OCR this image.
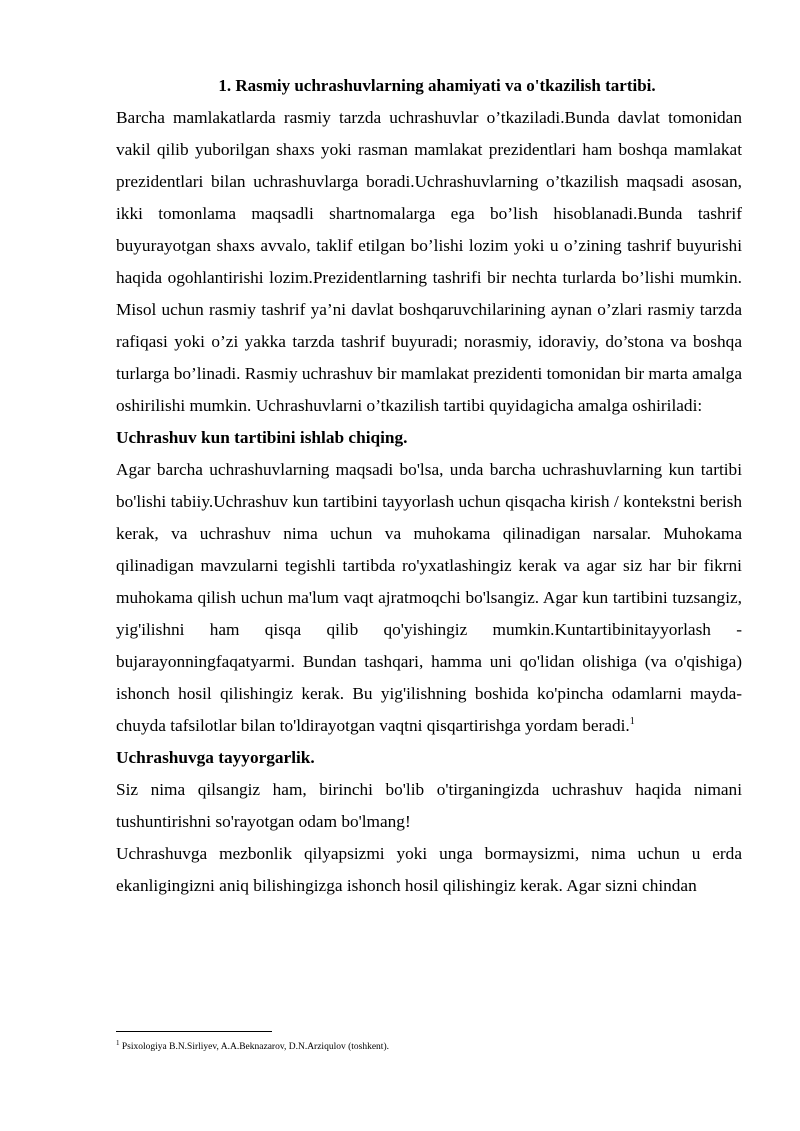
1. Rasmiy uchrashuvlarning ahamiyati va o'tkazilish tartibi.

Barcha mamlakatlarda rasmiy tarzda uchrashuvlar o’tkaziladi.Bunda davlat tomonidan vakil qilib yuborilgan shaxs yoki rasman mamlakat prezidentlari ham boshqa mamlakat prezidentlari bilan uchrashuvlarga boradi.Uchrashuvlarning o’tkazilish maqsadi asosan, ikki tomonlama maqsadli shartnomalarga ega bo’lish hisoblanadi.Bunda tashrif buyurayotgan shaxs avvalo, taklif etilgan bo’lishi lozim yoki u o’zining tashrif buyurishi haqida ogohlantirishi lozim.Prezidentlarning tashrifi bir nechta turlarda bo’lishi mumkin. Misol uchun rasmiy tashrif ya’ni davlat boshqaruvchilarining aynan o’zlari rasmiy tarzda rafiqasi yoki o’zi yakka tarzda tashrif buyuradi; norasmiy, idoraviy, do’stona va boshqa turlarga bo’linadi. Rasmiy uchrashuv bir mamlakat prezidenti tomonidan bir marta amalga oshirilishi mumkin. Uchrashuvlarni o’tkazilish tartibi quyidagicha amalga oshiriladi:

Uchrashuv kun tartibini ishlab chiqing.

Agar barcha uchrashuvlarning maqsadi bo'lsa, unda barcha uchrashuvlarning kun tartibi bo'lishi tabiiy.Uchrashuv kun tartibini tayyorlash uchun qisqacha kirish / kontekstni berish kerak, va uchrashuv nima uchun va muhokama qilinadigan narsalar. Muhokama qilinadigan mavzularni tegishli tartibda ro'yxatlashingiz kerak va agar siz har bir fikrni muhokama qilish uchun ma'lum vaqt ajratmoqchi bo'lsangiz. Agar kun tartibini tuzsangiz, yig'ilishni ham qisqa qilib qo'yishingiz mumkin.Kuntartibinitayyorlash - bujarayonningfaqatyarmi. Bundan tashqari, hamma uni qo'lidan olishiga (va o'qishiga) ishonch hosil qilishingiz kerak. Bu yig'ilishning boshida ko'pincha odamlarni mayda-chuyda tafsilotlar bilan to'ldirayotgan vaqtni qisqartirishga yordam beradi.$^1$

Uchrashuvga tayyorgarlik.

Siz nima qilsangiz ham, birinchi bo'lib o'tirganingizda uchrashuv haqida nimani tushuntirishni so'rayotgan odam bo'lmang!

Uchrashuvga mezbonlik qilyapsizmi yoki unga bormaysizmi, nima uchun u erda ekanligingizni aniq bilishingizga ishonch hosil qilishingiz kerak. Agar sizni chindan

$^1$ Psixologiya B.N.Sirliyev, A.A.Beknazarov, D.N.Arziqulov (toshkent).
